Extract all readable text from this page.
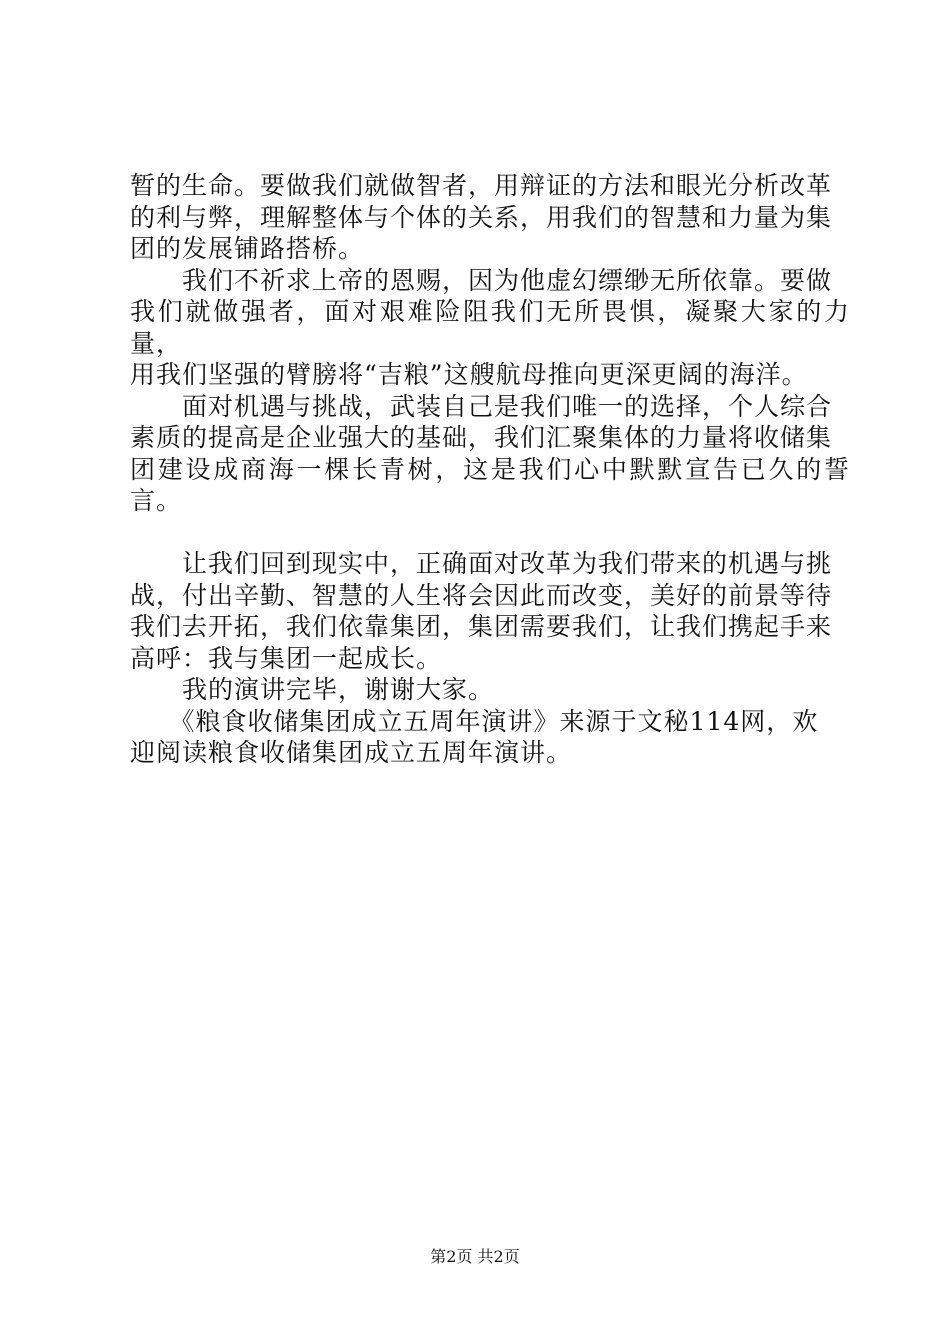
暂的生命。要做我们就做智者，用辩证的方法和眼光分析改革
的利与弊，理解整体与个体的关系，用我们的智慧和力量为集
团的发展铺路搭桥。

　　我们不祈求上帝的恩赐，因为他虚幻缥缈无所依靠。要做
我们就做强者，面对艰难险阻我们无所畏惧，凝聚大家的力量，
用我们坚强的臂膀将“吉粮”这艘航母推向更深更阔的海洋。

　　面对机遇与挑战，武装自己是我们唯一的选择，个人综合
素质的提高是企业强大的基础，我们汇聚集体的力量将收储集
团建设成商海一棵长青树，这是我们心中默默宣告已久的誓言。

　　让我们回到现实中，正确面对改革为我们带来的机遇与挑
战，付出辛勤、智慧的人生将会因此而改变，美好的前景等待
我们去开拓，我们依靠集团，集团需要我们，让我们携起手来
高呼：我与集团一起成长。

　　我的演讲完毕，谢谢大家。

　　《粮食收储集团成立五周年演讲》来源于文秘114网，欢
迎阅读粮食收储集团成立五周年演讲。

第2页 共2页
